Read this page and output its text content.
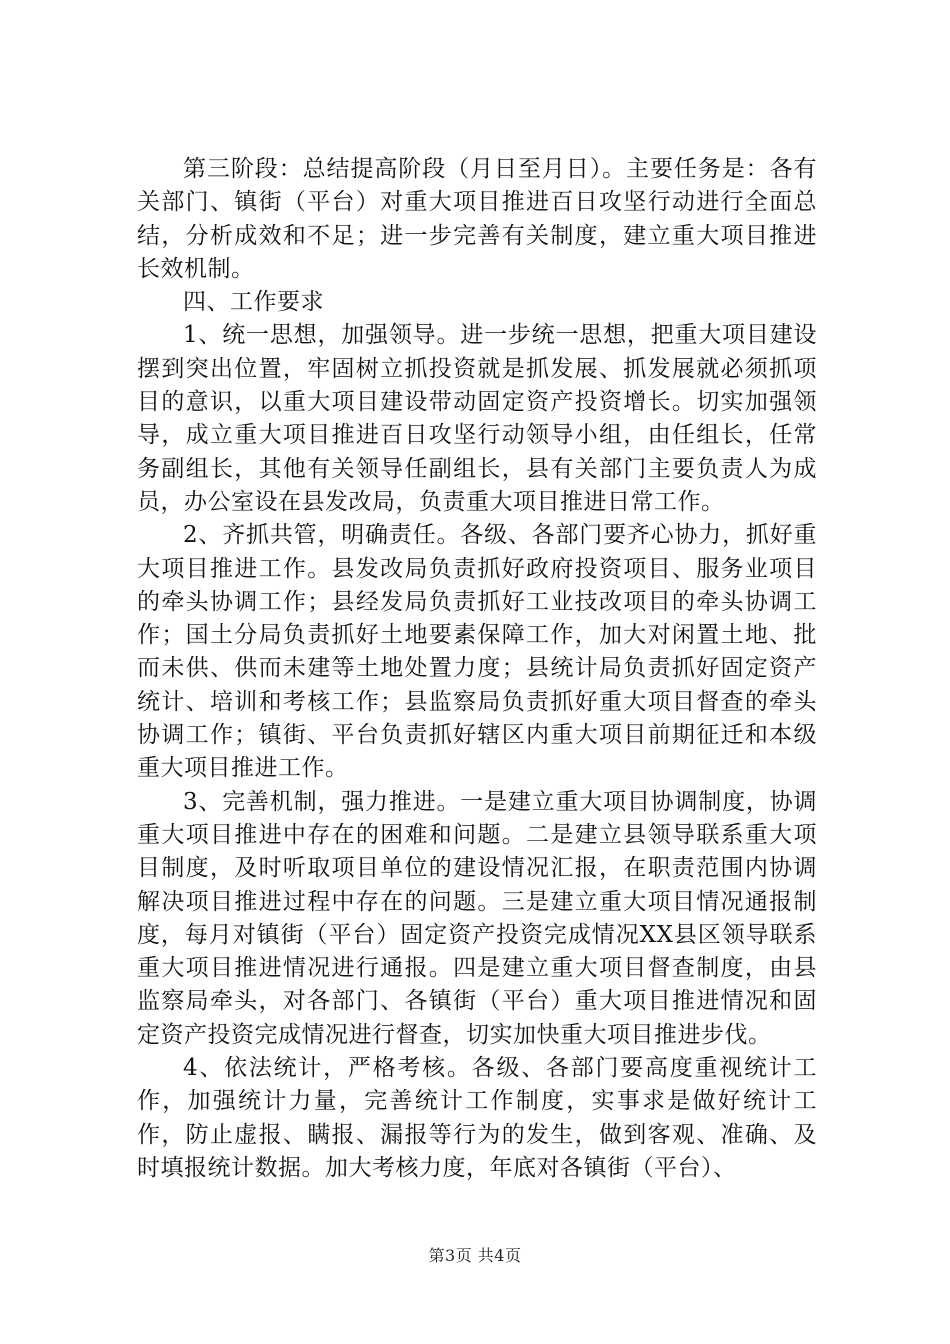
第三阶段：总结提高阶段（月日至月日）。主要任务是：各有关部门、镇街（平台）对重大项目推进百日攻坚行动进行全面总结，分析成效和不足；进一步完善有关制度，建立重大项目推进长效机制。

四、工作要求

1、统一思想，加强领导。进一步统一思想，把重大项目建设摆到突出位置，牢固树立抓投资就是抓发展、抓发展就必须抓项目的意识，以重大项目建设带动固定资产投资增长。切实加强领导，成立重大项目推进百日攻坚行动领导小组，由任组长，任常务副组长，其他有关领导任副组长，县有关部门主要负责人为成员，办公室设在县发改局，负责重大项目推进日常工作。

2、齐抓共管，明确责任。各级、各部门要齐心协力，抓好重大项目推进工作。县发改局负责抓好政府投资项目、服务业项目的牵头协调工作；县经发局负责抓好工业技改项目的牵头协调工作；国土分局负责抓好土地要素保障工作，加大对闲置土地、批而未供、供而未建等土地处置力度；县统计局负责抓好固定资产统计、培训和考核工作；县监察局负责抓好重大项目督查的牵头协调工作；镇街、平台负责抓好辖区内重大项目前期征迁和本级重大项目推进工作。

3、完善机制，强力推进。一是建立重大项目协调制度，协调重大项目推进中存在的困难和问题。二是建立县领导联系重大项目制度，及时听取项目单位的建设情况汇报，在职责范围内协调解决项目推进过程中存在的问题。三是建立重大项目情况通报制度，每月对镇街（平台）固定资产投资完成情况XX县区领导联系重大项目推进情况进行通报。四是建立重大项目督查制度，由县监察局牵头，对各部门、各镇街（平台）重大项目推进情况和固定资产投资完成情况进行督查，切实加快重大项目推进步伐。

4、依法统计，严格考核。各级、各部门要高度重视统计工作，加强统计力量，完善统计工作制度，实事求是做好统计工作，防止虚报、瞒报、漏报等行为的发生，做到客观、准确、及时填报统计数据。加大考核力度，年底对各镇街（平台）、

第3页 共4页
